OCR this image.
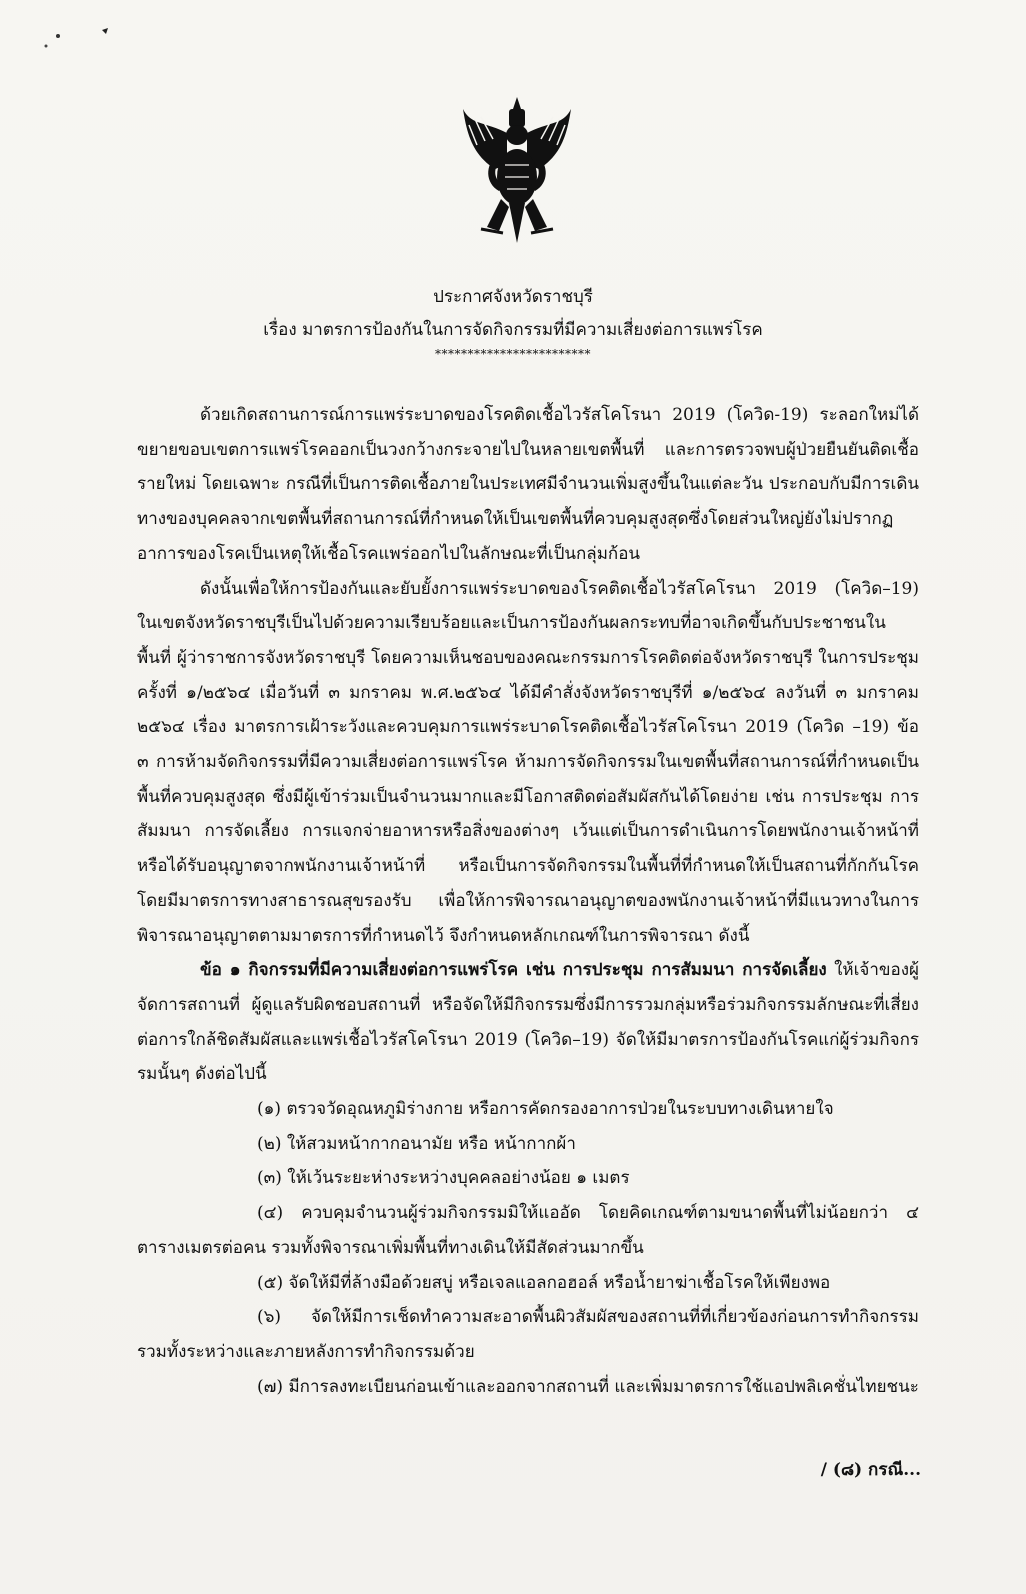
ประกาศจังหวัดราชบุรี
เรื่อง มาตรการป้องกันในการจัดกิจกรรมที่มีความเสี่ยงต่อการแพร่โรค
************************

ด้วยเกิดสถานการณ์การแพร่ระบาดของโรคติดเชื้อไวรัสโคโรนา 2019 (โควิด-19) ระลอกใหม่ได้ขยายขอบเขตการแพร่โรคออกเป็นวงกว้างกระจายไปในหลายเขตพื้นที่ และการตรวจพบผู้ป่วยยืนยันติดเชื้อรายใหม่ โดยเฉพาะ กรณีที่เป็นการติดเชื้อภายในประเทศมีจำนวนเพิ่มสูงขึ้นในแต่ละวัน ประกอบกับมีการเดินทางของบุคคลจากเขตพื้นที่สถานการณ์ที่กำหนดให้เป็นเขตพื้นที่ควบคุมสูงสุดซึ่งโดยส่วนใหญ่ยังไม่ปรากฏอาการของโรคเป็นเหตุให้เชื้อโรคแพร่ออกไปในลักษณะที่เป็นกลุ่มก้อน

ดังนั้นเพื่อให้การป้องกันและยับยั้งการแพร่ระบาดของโรคติดเชื้อไวรัสโคโรนา 2019 (โควิด–19) ในเขตจังหวัดราชบุรีเป็นไปด้วยความเรียบร้อยและเป็นการป้องกันผลกระทบที่อาจเกิดขึ้นกับประชาชนในพื้นที่ ผู้ว่าราชการจังหวัดราชบุรี โดยความเห็นชอบของคณะกรรมการโรคติดต่อจังหวัดราชบุรี ในการประชุมครั้งที่ ๑/๒๕๖๔ เมื่อวันที่ ๓ มกราคม พ.ศ.๒๕๖๔ ได้มีคำสั่งจังหวัดราชบุรีที่ ๑/๒๕๖๔ ลงวันที่ ๓ มกราคม ๒๕๖๔ เรื่อง มาตรการเฝ้าระวังและควบคุมการแพร่ระบาดโรคติดเชื้อไวรัสโคโรนา 2019 (โควิด –19) ข้อ ๓ การห้ามจัดกิจกรรมที่มีความเสี่ยงต่อการแพร่โรค ห้ามการจัดกิจกรรมในเขตพื้นที่สถานการณ์ที่กำหนดเป็นพื้นที่ควบคุมสูงสุด ซึ่งมีผู้เข้าร่วมเป็นจำนวนมากและมีโอกาสติดต่อสัมผัสกันได้โดยง่าย เช่น การประชุม การสัมมนา การจัดเลี้ยง การแจกจ่ายอาหารหรือสิ่งของต่างๆ เว้นแต่เป็นการดำเนินการโดยพนักงานเจ้าหน้าที่ หรือได้รับอนุญาตจากพนักงานเจ้าหน้าที่ หรือเป็นการจัดกิจกรรมในพื้นที่ที่กำหนดให้เป็นสถานที่กักกันโรคโดยมีมาตรการทางสาธารณสุขรองรับ เพื่อให้การพิจารณาอนุญาตของพนักงานเจ้าหน้าที่มีแนวทางในการพิจารณาอนุญาตตามมาตรการที่กำหนดไว้ จึงกำหนดหลักเกณฑ์ในการพิจารณา ดังนี้

ข้อ ๑ กิจกรรมที่มีความเสี่ยงต่อการแพร่โรค เช่น การประชุม การสัมมนา การจัดเลี้ยง ให้เจ้าของผู้จัดการสถานที่ ผู้ดูแลรับผิดชอบสถานที่ หรือจัดให้มีกิจกรรมซึ่งมีการรวมกลุ่มหรือร่วมกิจกรรมลักษณะที่เสี่ยงต่อการใกล้ชิดสัมผัสและแพร่เชื้อไวรัสโคโรนา 2019 (โควิด–19) จัดให้มีมาตรการป้องกันโรคแก่ผู้ร่วมกิจกรรมนั้นๆ ดังต่อไปนี้

(๑) ตรวจวัดอุณหภูมิร่างกาย หรือการคัดกรองอาการป่วยในระบบทางเดินหายใจ

(๒) ให้สวมหน้ากากอนามัย หรือ หน้ากากผ้า

(๓) ให้เว้นระยะห่างระหว่างบุคคลอย่างน้อย ๑ เมตร

(๔) ควบคุมจำนวนผู้ร่วมกิจกรรมมิให้แออัด โดยคิดเกณฑ์ตามขนาดพื้นที่ไม่น้อยกว่า ๔ ตารางเมตรต่อคน รวมทั้งพิจารณาเพิ่มพื้นที่ทางเดินให้มีสัดส่วนมากขึ้น

(๕) จัดให้มีที่ล้างมือด้วยสบู่ หรือเจลแอลกอฮอล์ หรือน้ำยาฆ่าเชื้อโรคให้เพียงพอ

(๖) จัดให้มีการเช็ดทำความสะอาดพื้นผิวสัมผัสของสถานที่ที่เกี่ยวข้องก่อนการทำกิจกรรม รวมทั้งระหว่างและภายหลังการทำกิจกรรมด้วย

(๗) มีการลงทะเบียนก่อนเข้าและออกจากสถานที่ และเพิ่มมาตรการใช้แอปพลิเคชั่นไทยชนะ

/ (๘) กรณี...
